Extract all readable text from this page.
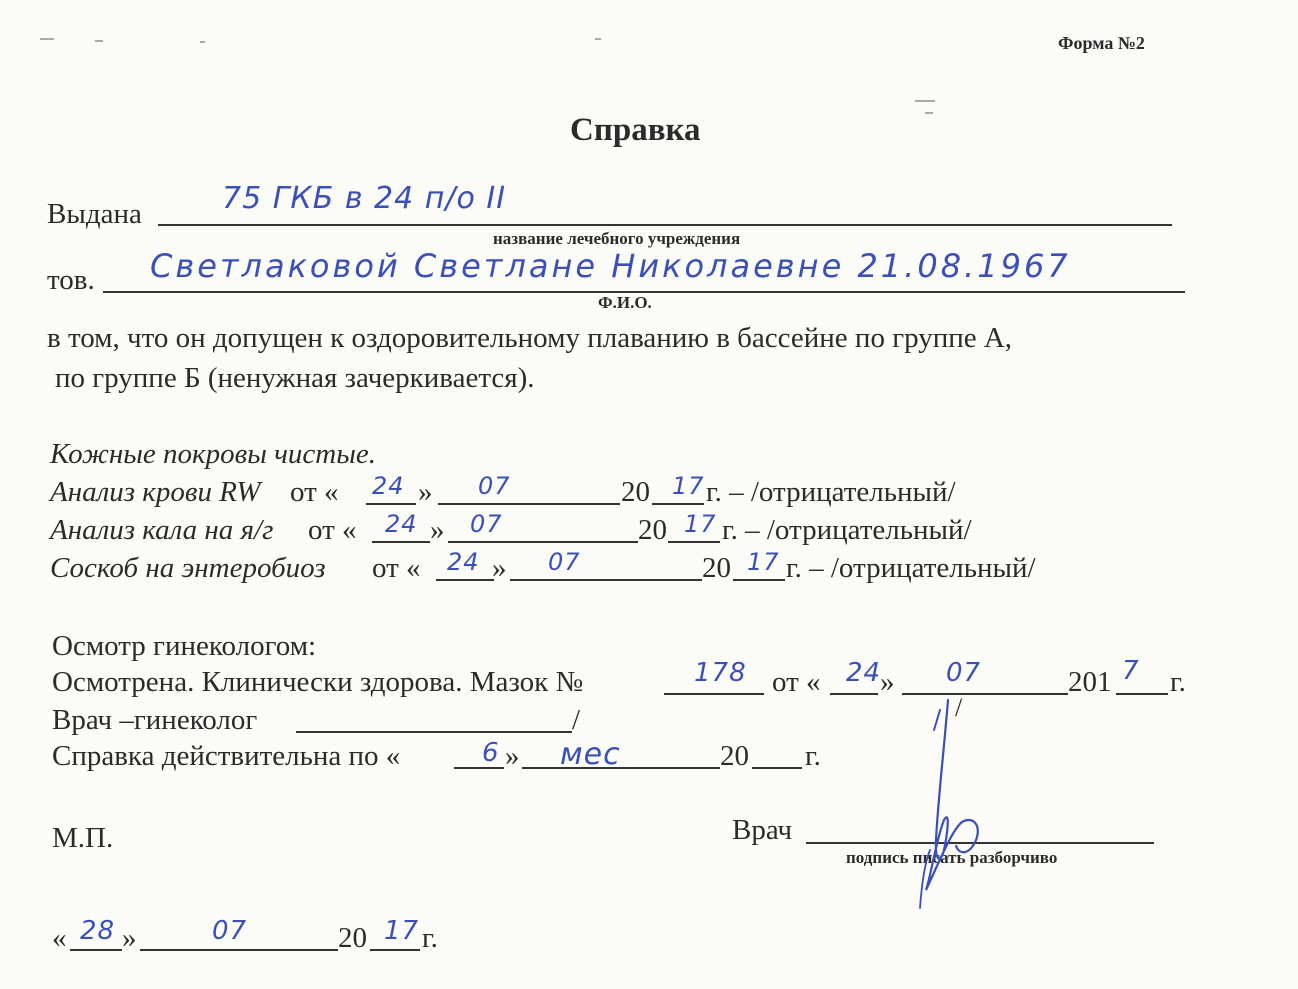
Форма №2
Справка
Выдана	75 ГКБ в 24 п/о II
название лечебного учреждения
тов. Светлаковой Светлане Николаевне 21.08.1967
Ф.И.О.
в том, что он допущен к оздоровительному плаванию в бассейне по группе А,
по группе Б (ненужная зачеркивается).
Кожные покровы чистые.
Анализ крови RW от « 24 » 07	20 17 г. – /отрицательный/
Анализ кала на я/г от « 24 » 07	20 17 г. – /отрицательный/
Соскоб на энтеробиоз от « 24 » 07	20 17 г. – /отрицательный/
Осмотр гинекологом:
Осмотрена. Клинически здорова. Мазок №	178 от « 24
» 07	201 7 г.
Врач –гинеколог	/	/
Справка действительна по «	6 » мес	20 г.
М.П.	Врач
подпись писать разборчиво
« 28 »	07	20 17 г.
